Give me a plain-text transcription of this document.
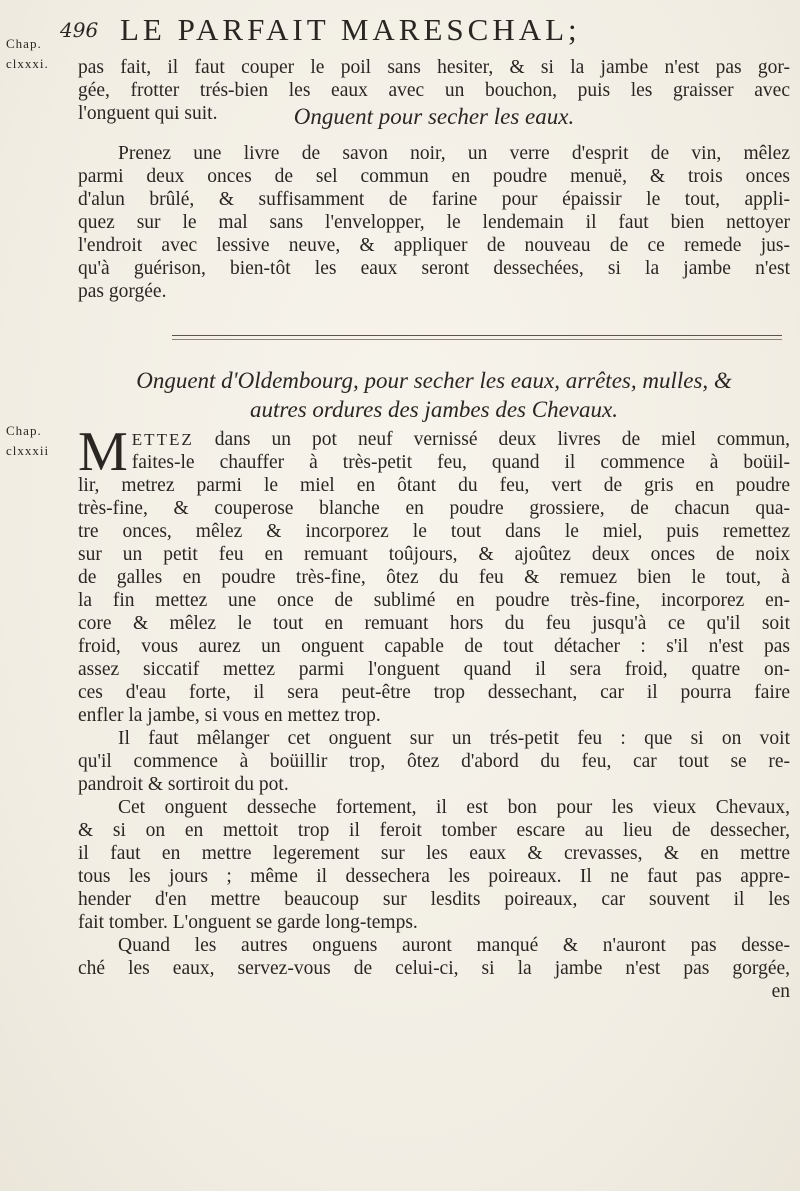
496 LE PARFAIT MARESCHAL;
Chap.
clxxxi.	pas fait, il faut couper le poil sans hesiter, & si la jambe n'est pas gor-
gée, frotter trés-bien les eaux avec un bouchon, puis les graisser avec
l'onguent qui suit.	Onguent pour secher les eaux.
Prenez une livre de savon noir, un verre d'esprit de vin, mêlez
parmi deux onces de sel commun en poudre menuë, & trois onces
d'alun brûlé, & suffisamment de farine pour épaissir le tout, appli-
quez sur le mal sans l'envelopper, le lendemain il faut bien nettoyer
l'endroit avec lessive neuve, & appliquer de nouveau de ce remede jus-
qu'à guérison, bien-tôt les eaux seront dessechées, si la jambe n'est
pas gorgée.
Onguent d'Oldembourg, pour secher les eaux, arrêtes, mulles, &
autres ordures des jambes des Chevaux.
Chap.
clxxxii M ETTEZ dans un pot neuf vernissé deux livres de miel commun,
faites-le chauffer à très-petit feu, quand il commence à boüil-
lir, metrez parmi le miel en ôtant du feu, vert de gris en poudre
très-fine, & couperose blanche en poudre grossiere, de chacun qua-
tre onces, mêlez & incorporez le tout dans le miel, puis remettez
sur un petit feu en remuant toûjours, & ajoûtez deux onces de noix
de galles en poudre très-fine, ôtez du feu & remuez bien le tout, à
la fin mettez une once de sublimé en poudre très-fine, incorporez en-
core & mêlez le tout en remuant hors du feu jusqu'à ce qu'il soit
froid, vous aurez un onguent capable de tout détacher : s'il n'est pas
assez siccatif mettez parmi l'onguent quand il sera froid, quatre on-
ces d'eau forte, il sera peut-être trop dessechant, car il pourra faire
enfler la jambe, si vous en mettez trop.
Il faut mêlanger cet onguent sur un trés-petit feu : que si on voit
qu'il commence à boüillir trop, ôtez d'abord du feu, car tout se re-
pandroit & sortiroit du pot.
Cet onguent desseche fortement, il est bon pour les vieux Chevaux,
& si on en mettoit trop il feroit tomber escare au lieu de dessecher,
il faut en mettre legerement sur les eaux & crevasses, & en mettre
tous les jours ; même il dessechera les poireaux. Il ne faut pas appre-
hender d'en mettre beaucoup sur lesdits poireaux, car souvent il les
fait tomber. L'onguent se garde long-temps.
Quand les autres onguens auront manqué & n'auront pas desse-
ché les eaux, servez-vous de celui-ci, si la jambe n'est pas gorgée,
en
